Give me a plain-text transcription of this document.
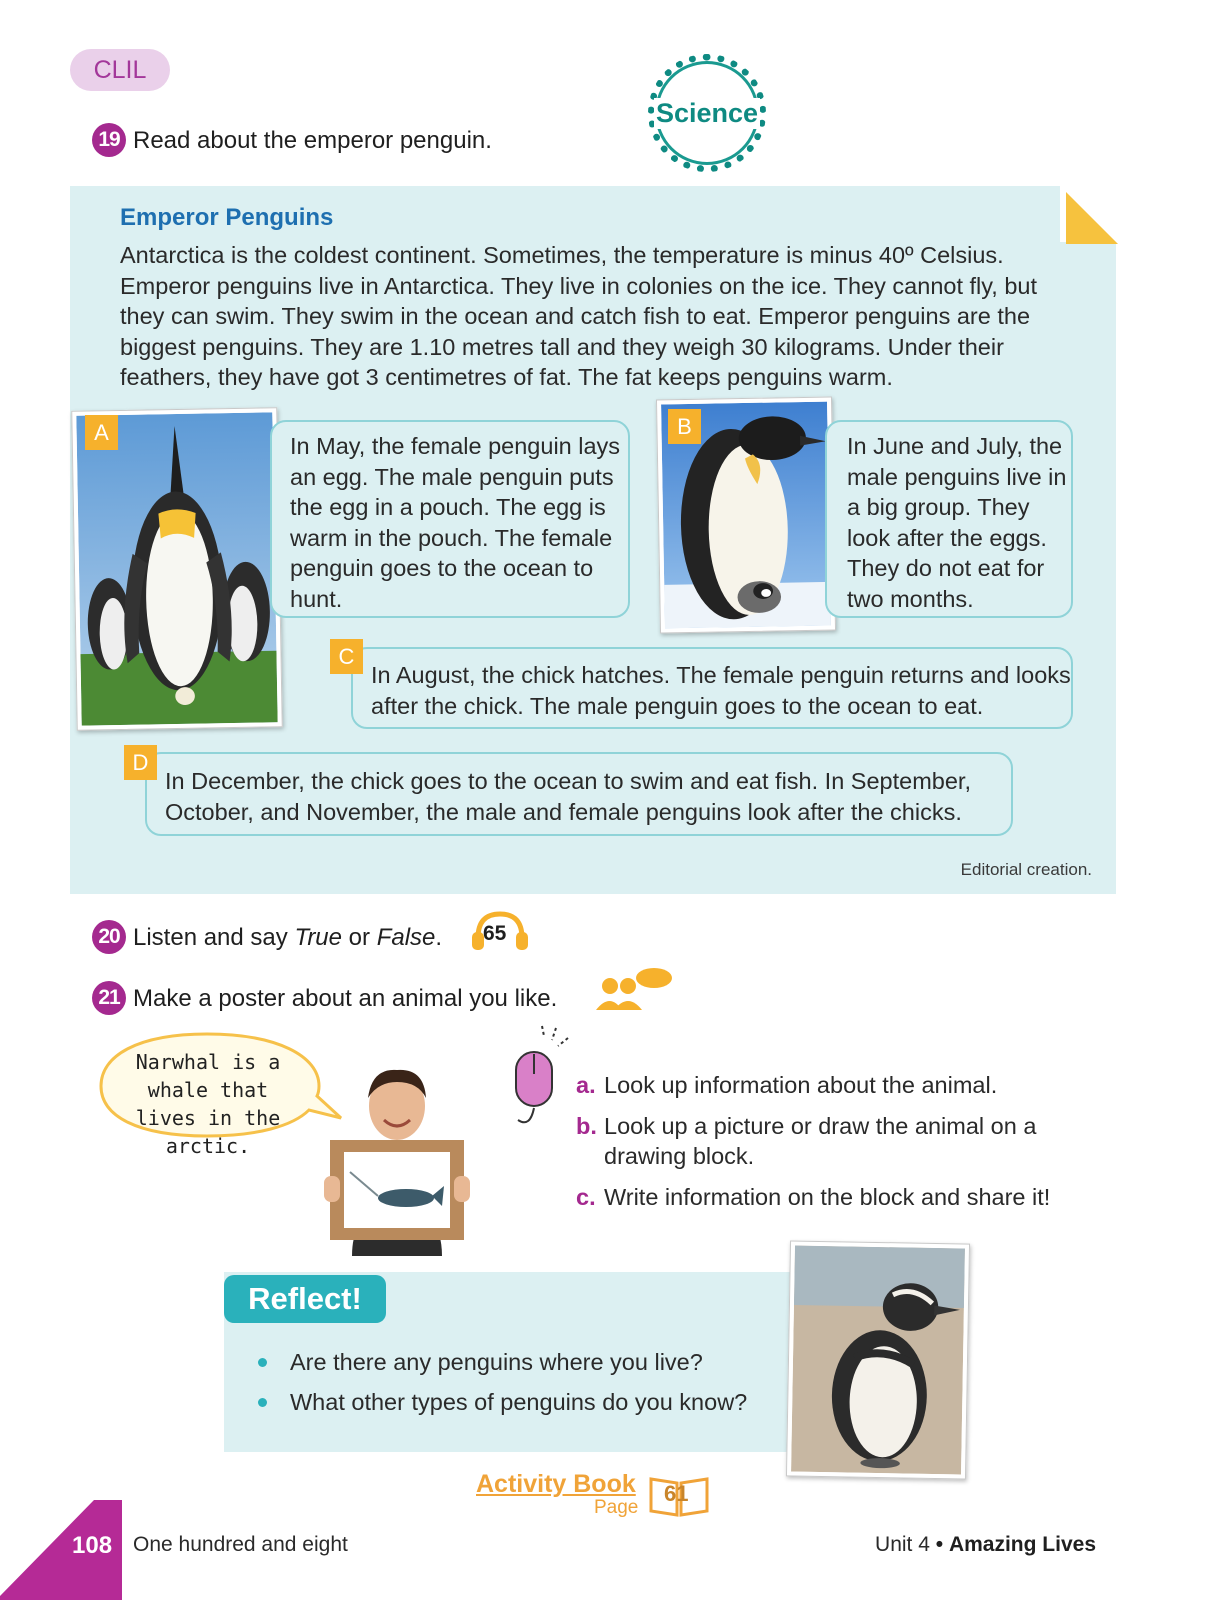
CLIL
Science
19 Read about the emperor penguin.
Emperor Penguins
Antarctica is the coldest continent. Sometimes, the temperature is minus 40º Celsius. Emperor penguins live in Antarctica. They live in colonies on the ice. They cannot fly, but they can swim. They swim in the ocean and catch fish to eat. Emperor penguins are the biggest penguins. They are 1.10 metres tall and they weigh 30 kilograms. Under their feathers, they have got 3 centimetres of fat. The fat keeps penguins warm.
A
In May, the female penguin lays an egg. The male penguin puts the egg in a pouch. The egg is warm in the pouch. The female penguin goes to the ocean to hunt.
B
In June and July, the male penguins live in a big group. They look after the eggs. They do not eat for two months.
In August, the chick hatches. The female penguin returns and looks after the chick. The male penguin goes to the ocean to eat.
C
In December, the chick goes to the ocean to swim and eat fish. In September, October, and November, the male and female penguins look after the chicks.
D
Editorial creation.
20 Listen and say True or False. 65
21 Make a poster about an animal you like.
Narwhal is a whale that lives in the arctic.
a. Look up information about the animal.
b. Look up a picture or draw the animal on a drawing block.
c. Write information on the block and share it!
Reflect!
Are there any penguins where you live?
What other types of penguins do you know?
Activity Book
Page
61
108 One hundred and eight	Unit 4 • Amazing Lives
